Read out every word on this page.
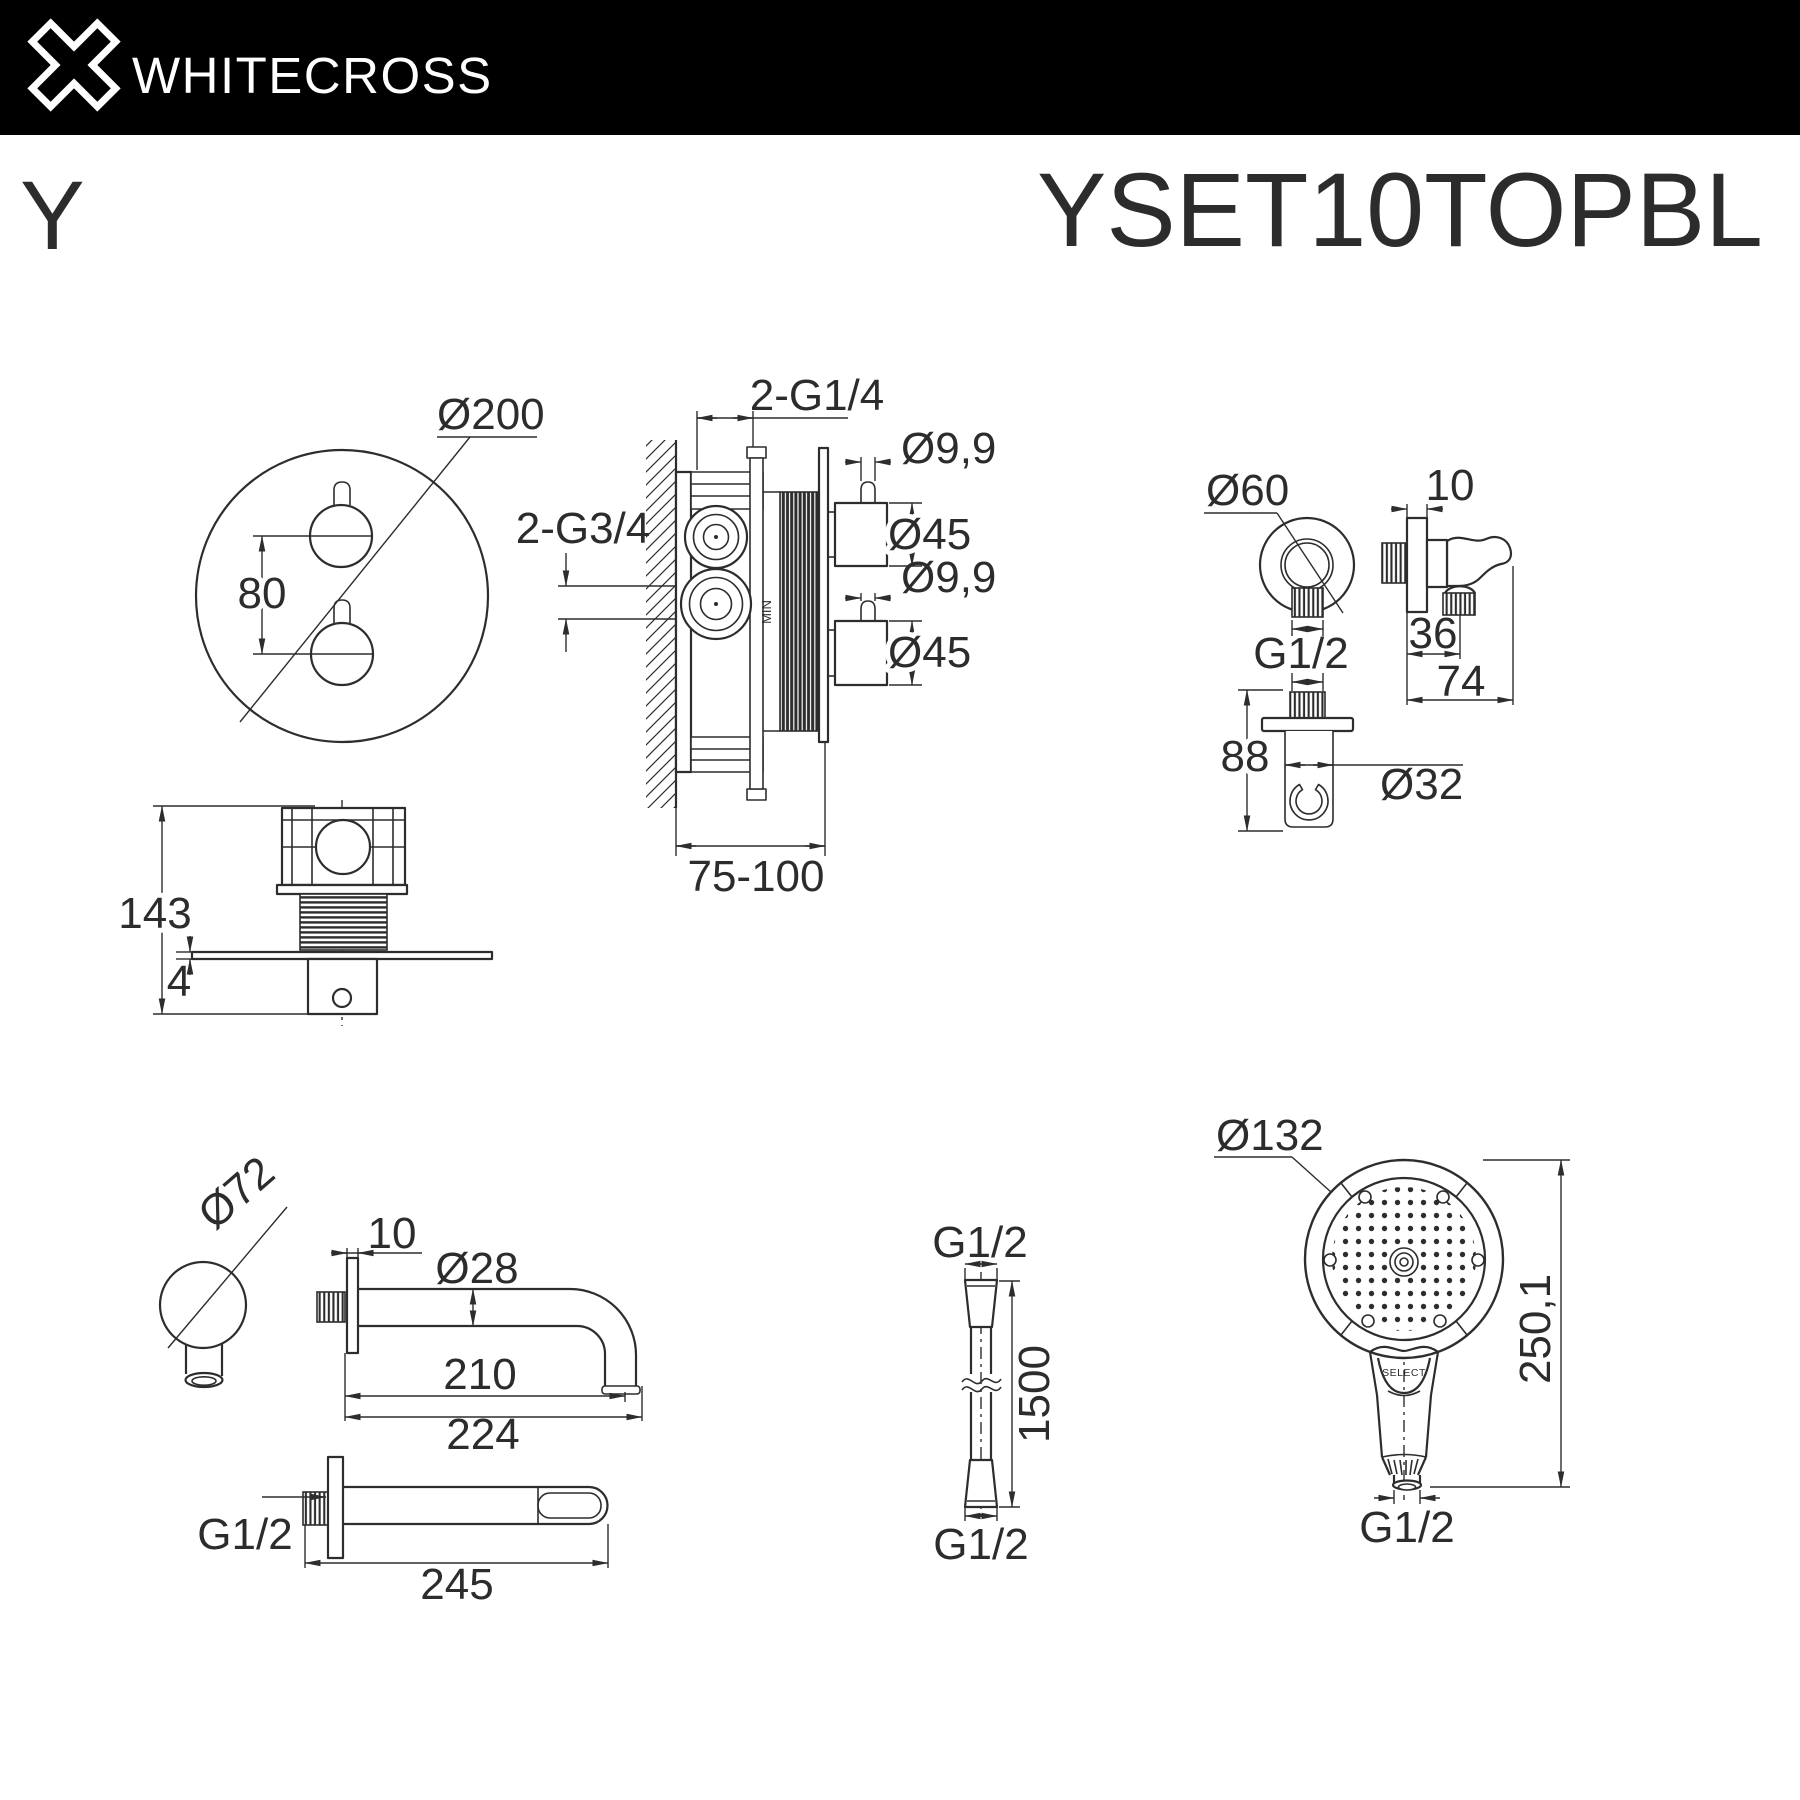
WHITECROSS
Y	YSET10TOPBL
80
Ø200
MIN
2-G1/4
2-G3/4
Ø9,9
Ø45
Ø9,9
Ø45
75-100
143
4
Ø60
G1/2
10
36
74
88
Ø32
Ø72 10
Ø28
210
224
G1/2
245
G1/2
G1/2
1500
Ø132
SELECT 250,1
G1/2
